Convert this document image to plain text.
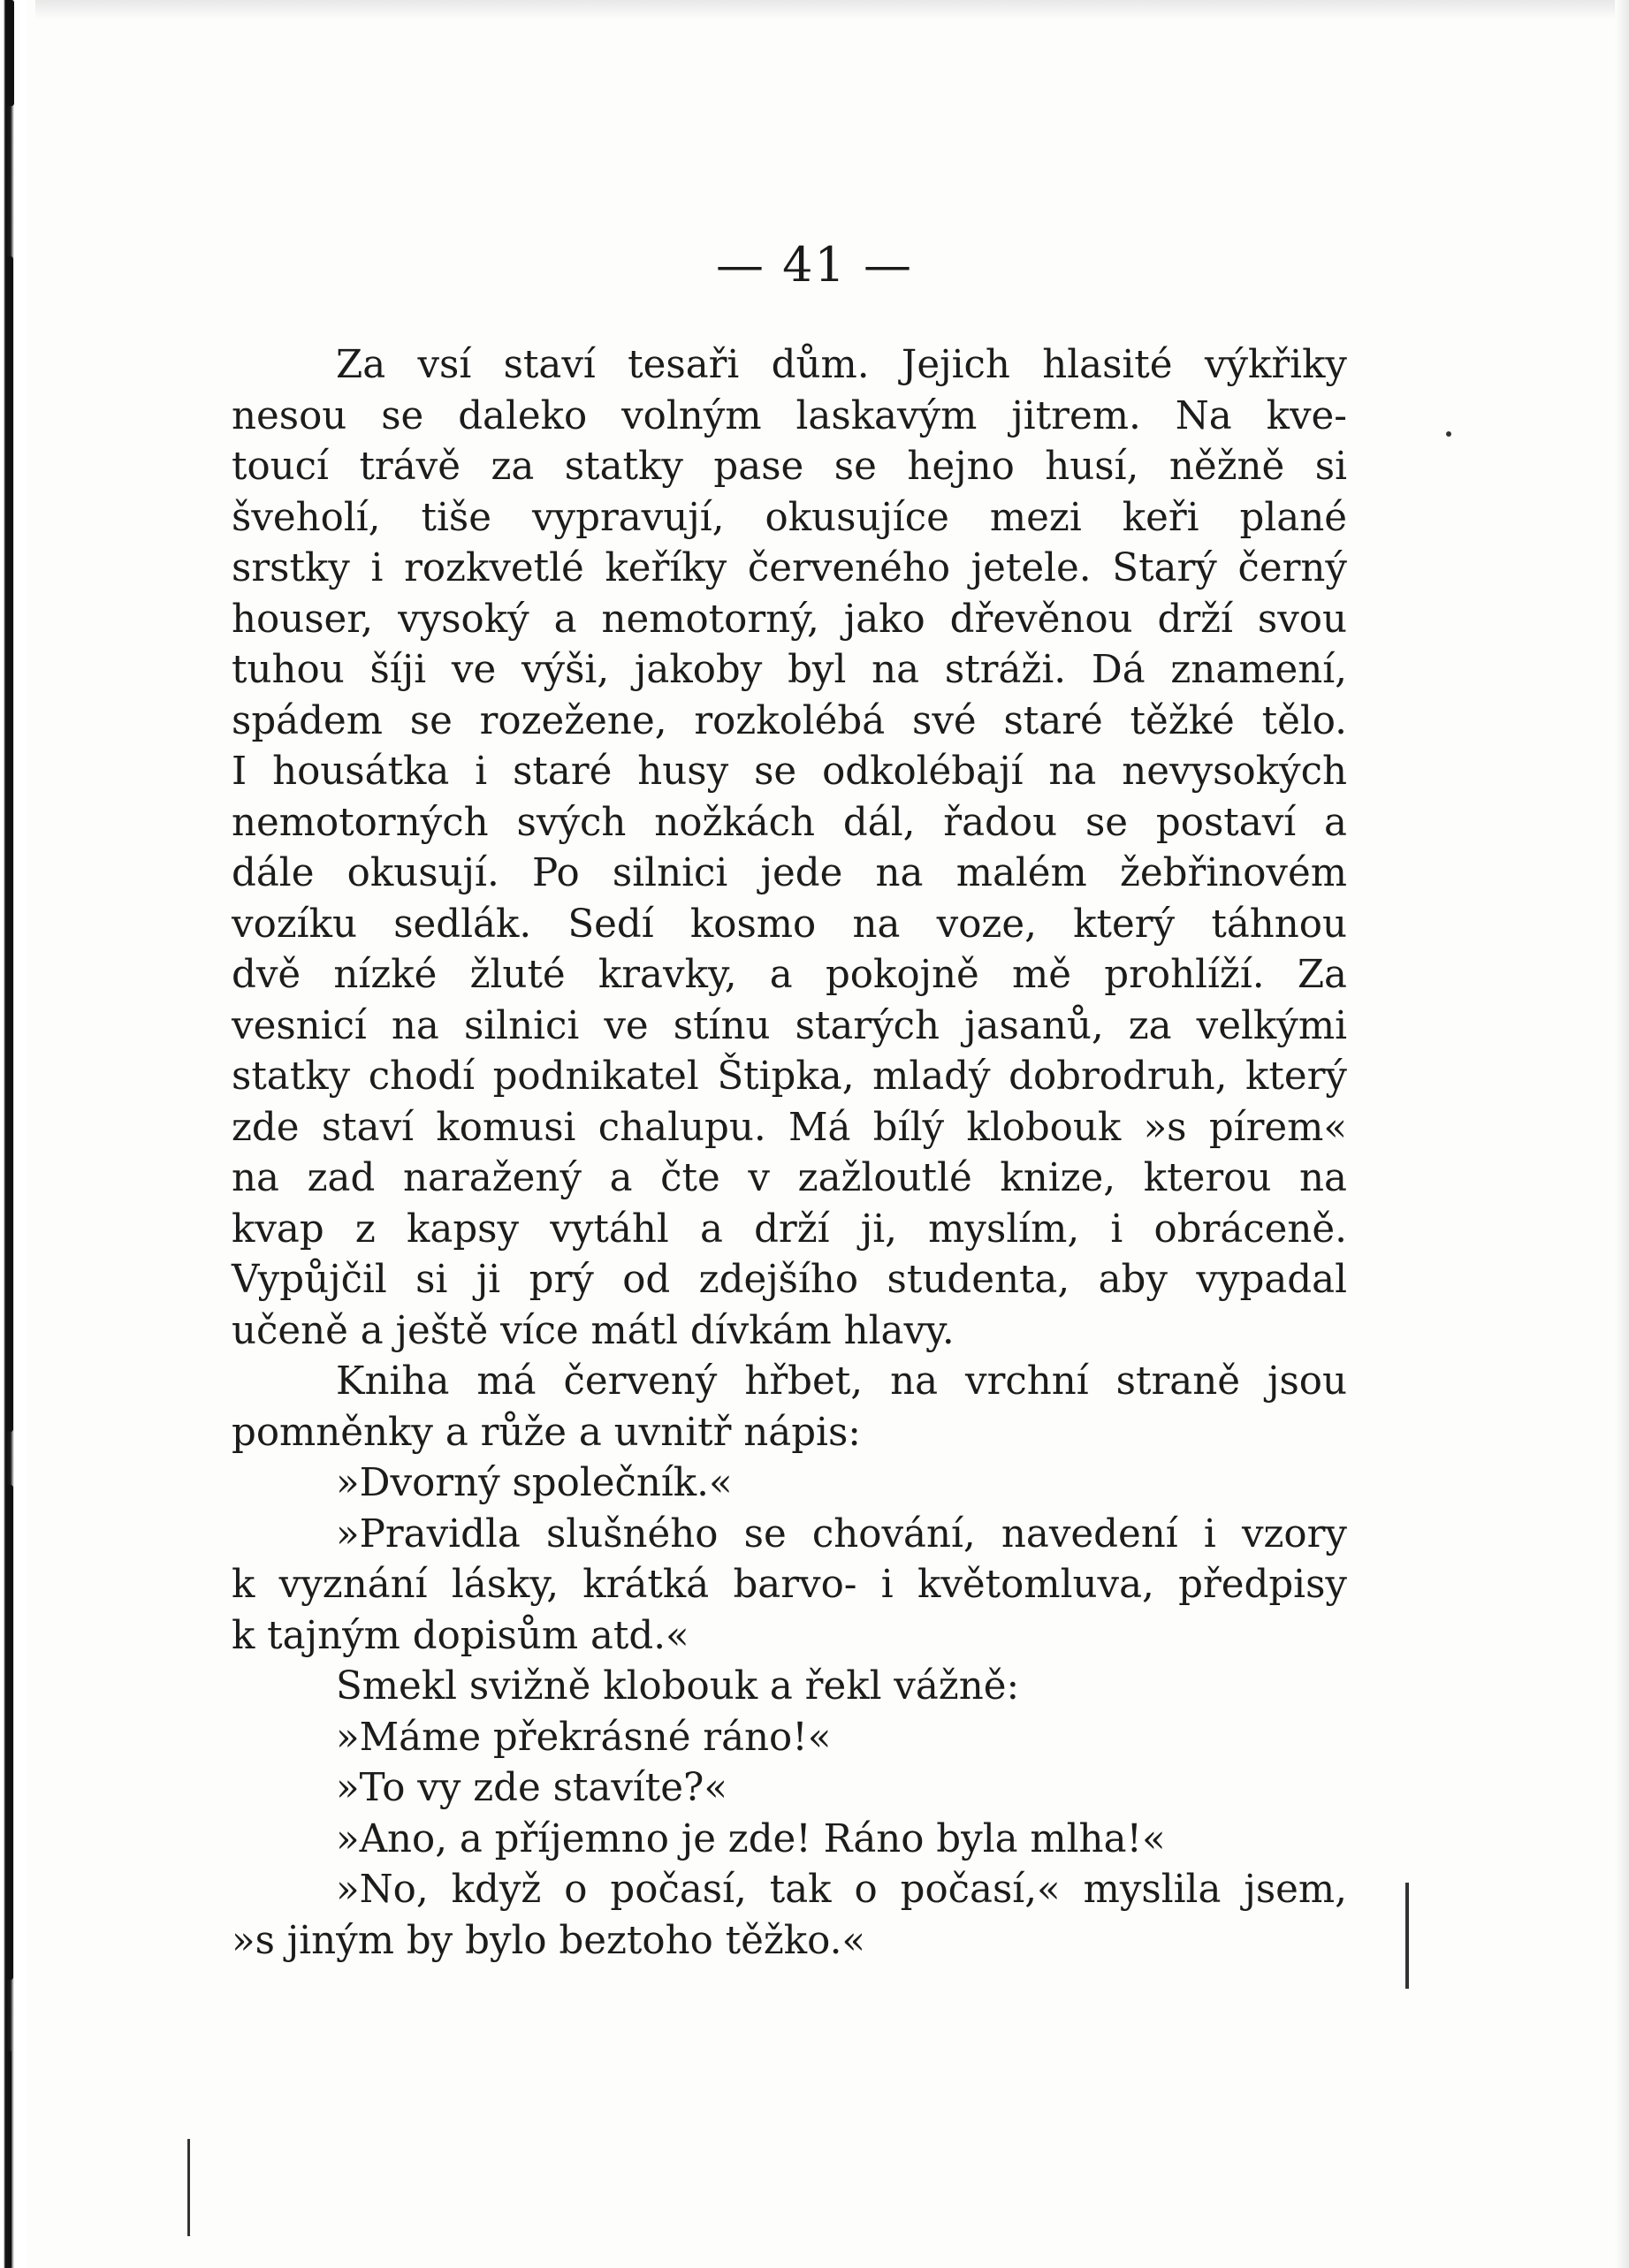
— 41 —
Za vsí staví tesaři dům. Jejich hlasité výkřiky
nesou se daleko volným laskavým jitrem. Na kve-
toucí trávě za statky pase se hejno husí, něžně si
šveholí, tiše vypravují, okusujíce mezi keři plané
srstky i rozkvetlé keříky červeného jetele. Starý černý
houser, vysoký a nemotorný, jako dřevěnou drží svou
tuhou šíji ve výši, jakoby byl na stráži. Dá znamení,
spádem se rozežene, rozkolébá své staré těžké tělo.
I housátka i staré husy se odkolébají na nevysokých
nemotorných svých nožkách dál, řadou se postaví a
dále okusují. Po silnici jede na malém žebřinovém
vozíku sedlák. Sedí kosmo na voze, který táhnou
dvě nízké žluté kravky, a pokojně mě prohlíží. Za
vesnicí na silnici ve stínu starých jasanů, za velkými
statky chodí podnikatel Štipka, mladý dobrodruh, který
zde staví komusi chalupu. Má bílý klobouk »s pírem«
na zad naražený a čte v zažloutlé knize, kterou na
kvap z kapsy vytáhl a drží ji, myslím, i obráceně.
Vypůjčil si ji prý od zdejšího studenta, aby vypadal
učeně a ještě více mátl dívkám hlavy.
Kniha má červený hřbet, na vrchní straně jsou
pomněnky a růže a uvnitř nápis:
»Dvorný společník.«
»Pravidla slušného se chování, navedení i vzory
k vyznání lásky, krátká barvo- i květomluva, předpisy
k tajným dopisům atd.«
Smekl svižně klobouk a řekl vážně:
»Máme překrásné ráno!«
»To vy zde stavíte?«
»Ano, a příjemno je zde! Ráno byla mlha!«
»No, když o počasí, tak o počasí,« myslila jsem,
»s jiným by bylo beztoho těžko.«
